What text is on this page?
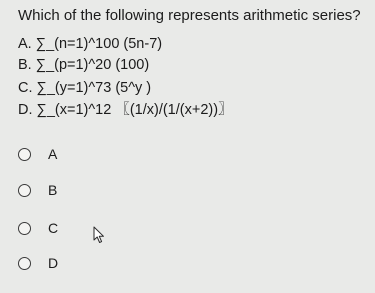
Which of the following represents arithmetic series?
A. ∑_(n=1)^100 (5n-7)
B. ∑_(p=1)^20 (100)
C. ∑_(y=1)^73 (5^y )
D. ∑_(x=1)^12 〖(1/x)/(1/(x+2))〗
A
B
C
D
